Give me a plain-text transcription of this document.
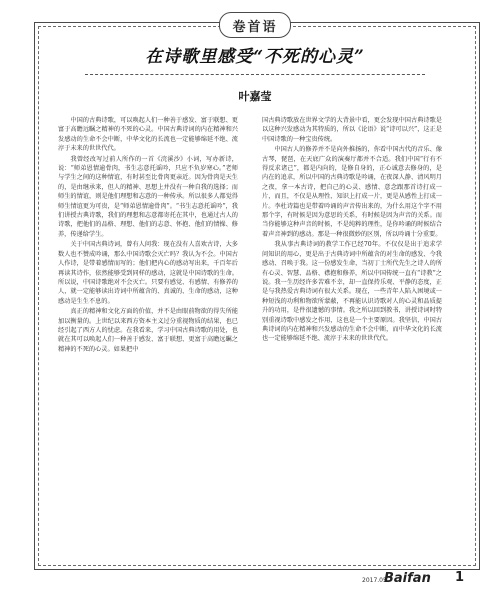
卷首语
在诗歌里感受“不死的心灵”
叶嘉莹

中国的古典诗歌，可以唤起人们一种善于感发、富于联想、更富于高瞻远瞩之精神的不死的心灵。中国古典诗词的内在精神和兴发感动的生命不会中断，中华文化的长流也一定能够绵延不绝、流淳于未来的世世代代。

我曾经改写过前人所作的一首《浣溪沙》小词，写办新诗，说：“师弟恩情逾骨肉，书生志意托谣吟，只应不负岁寒心。”老师与学生之间的这种情谊，有时甚至比骨肉更亲近。因为骨肉是天生的，是由继承来，但人的精神、思想上并没有一种自我的选择；而师生的情谊，则是他们理想和志意的一种传承。所以很多人都觉得师生情谊更为可贵，是“师弟恩情逾骨肉”。“书生志意托谣吟”，我们讲授古典诗歌，我们的理想和志意都寄托在其中，也通过古人的诗歌，把他们的品格、理想、他们的志意、怀抱、他们的情操、修养，传递给学生。

关于中国古典诗词，曾有人问我：现在没有人喜欢古诗，大多数人也不赞成吟诵，那么中国诗歌会灭亡吗？我认为不会。中国古人作诗，是带着感情而写的；他们把内心的感动写出来，千百年后再读其诗作，依然能够受到同样的感动，这就是中国诗歌的生命。所以说，中国诗歌绝对不会灭亡。只要有感觉、有感情、有修养的人，就一定能够读出诗词中所蕴含的、真诚的、生命的感动，这种感动是生生不息的。

真正的精神和文化方面的价值，并不是由眼前物欲的得失所能加以衡量的。上世纪以来西方资本主义过分重视物质的结果，也已经引起了西方人的忧虑。在我看来，学习中国古典诗歌的用处，也就在其可以唤起人们一种善于感发、富于联想、更富于高瞻远瞩之精神的不死的心灵。如果把中

国古典诗歌放在世界文学的大背景中看，更会发现中国古典诗歌是以这种兴发感动为其特质的，所以《论语》说“诗可以兴”，这正是中国诗歌的一种宝贵传统。

中国古人的修养并不是向外推扬的，你看中国古代的音乐、像古琴，琵琶，在天底广众的演奏厅都并不合适。我们中国“行有不得反求诸己”，都是内向的，是修自身的，正心诚意去修身的，是内在的追求，所以中国的古典诗歌是吟诵，在夜深人静、清风明月之夜，拿一本古诗，把自己的心灵、感情、意念跟那首诗打成一片，而且，不仅是从理性、知识上打成一片，更是从感性上打成一片。李杜诗篇也是带着吟诵的声音传出来的，为什么用这个字不用那个字，有时候是因为意思的关系，有时候是因为声音的关系。而当你能够这种声音的时候，不是纯粹的理性，是你吟诵的时候结合着声音神到的感动。那是一种很微妙的区别，所以吟诵十分重要。

我从事古典诗词的教学工作已经70年。不仅仅是出于追求学问知识的用心，更是出于古典诗词中所蕴含的对生命的感发、令我感动、召唤于我。这一份感发生命，当初丁士所代先生之诗人的所有心灵、智慧、品格、襟抱和修养，所以中国传统一直有“诗教”之说。我一生历经许多苦难不幸，却一直保持乐观、平静的态度，正是与我热爱古典诗词有很大关系。现在，一些青年人陷入困境或一种短浅的功利和物欲所蒙蔽，不再能认识诗歌对人的心灵和品质提升的功用，是件很遗憾的事情。我之所以回到教书，讲授诗词时特别重视诗歌中感发之作用，这也是一个主要原因。我坚信，中国古典诗词的内在精神和兴发感动的生命不会中断，而中华文化的长流也一定能够绵延不绝、流淳于未来的世世代代。

2017.05
Baifan 1
